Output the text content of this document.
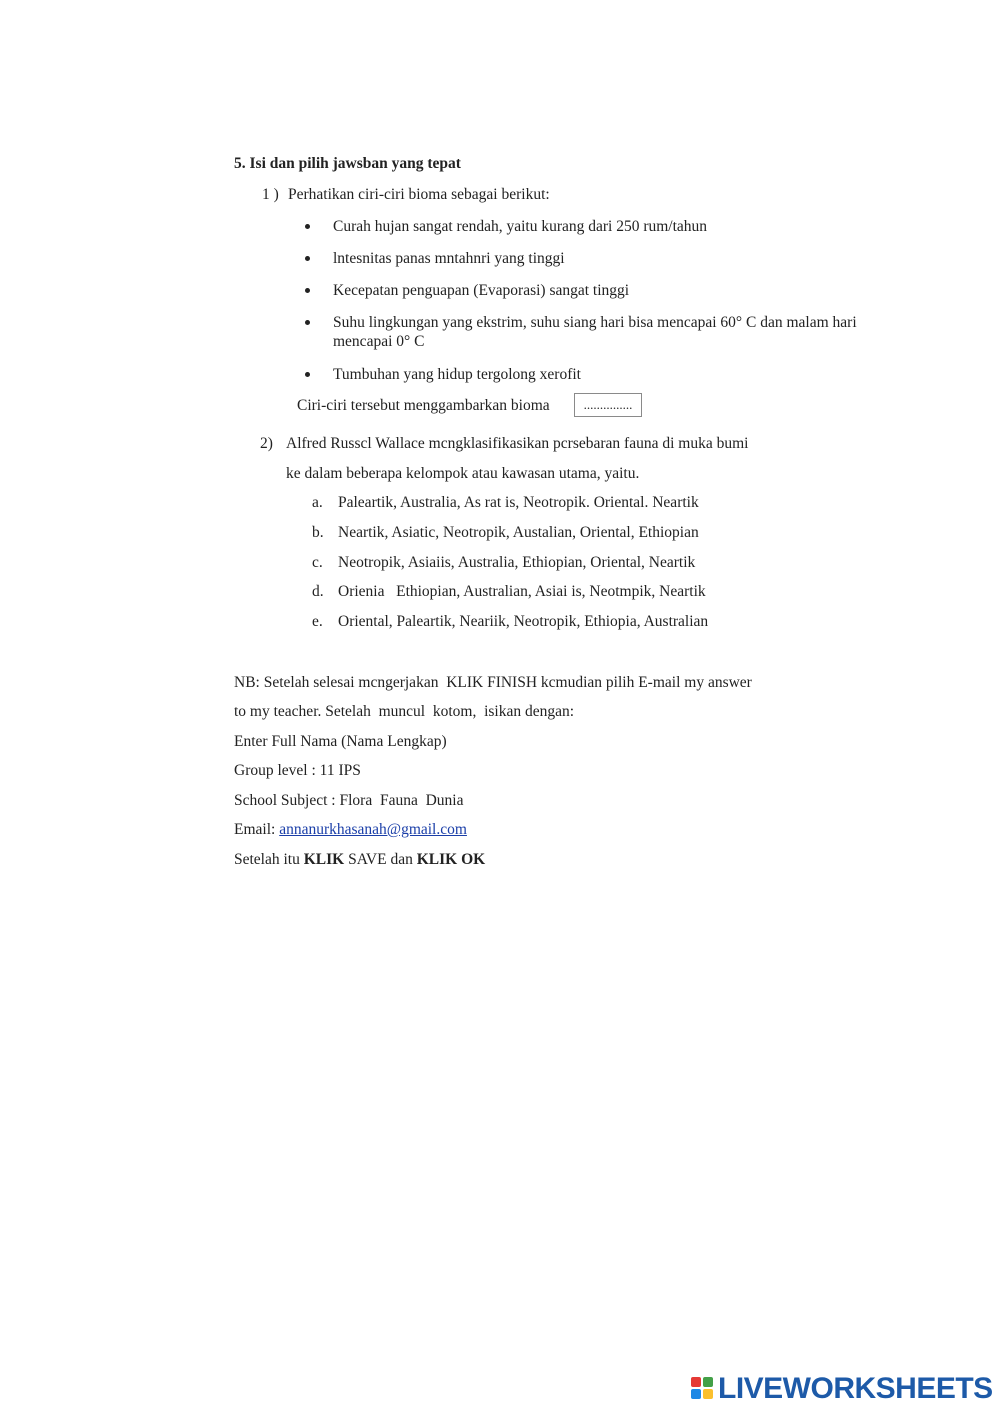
5. Isi dan pilih jawsban yang tepat
1 ) Perhatikan ciri-ciri bioma sebagai berikut:
Curah hujan sangat rendah, yaitu kurang dari 250 rum/tahun
lntesnitas panas mntahnri yang tinggi
Kecepatan penguapan (Evaporasi) sangat tinggi
Suhu lingkungan yang ekstrim, suhu siang hari bisa mencapai 60° C dan malam hari
mencapai 0° C
Tumbuhan yang hidup tergolong xerofit
Ciri-ciri tersebut menggambarkan bioma	...............
2) Alfred Russcl Wallace mcngklasifikasikan pcrsebaran fauna di muka bumi
ke dalam beberapa kelompok atau kawasan utama, yaitu.
a. Paleartik, Australia, As rat is, Neotropik. Oriental. Neartik
b. Neartik, Asiatic, Neotropik, Austalian, Oriental, Ethiopian
c. Neotropik, Asiaiis, Australia, Ethiopian, Oriental, Neartik
d. Orienia   Ethiopian, Australian, Asiai is, Neotmpik, Neartik
e. Oriental, Paleartik, Neariik, Neotropik, Ethiopia, Australian
NB: Setelah selesai mcngerjakan  KLIK FINISH kcmudian pilih E-mail my answer
to my teacher. Setelah  muncul  kotom,  isikan dengan:
Enter Full Nama (Nama Lengkap)
Group level : 11 IPS
School Subject : Flora  Fauna  Dunia
Email: annanurkhasanah@gmail.com
Setelah itu KLIK SAVE dan KLIK OK
LIVEWORKSHEETS
